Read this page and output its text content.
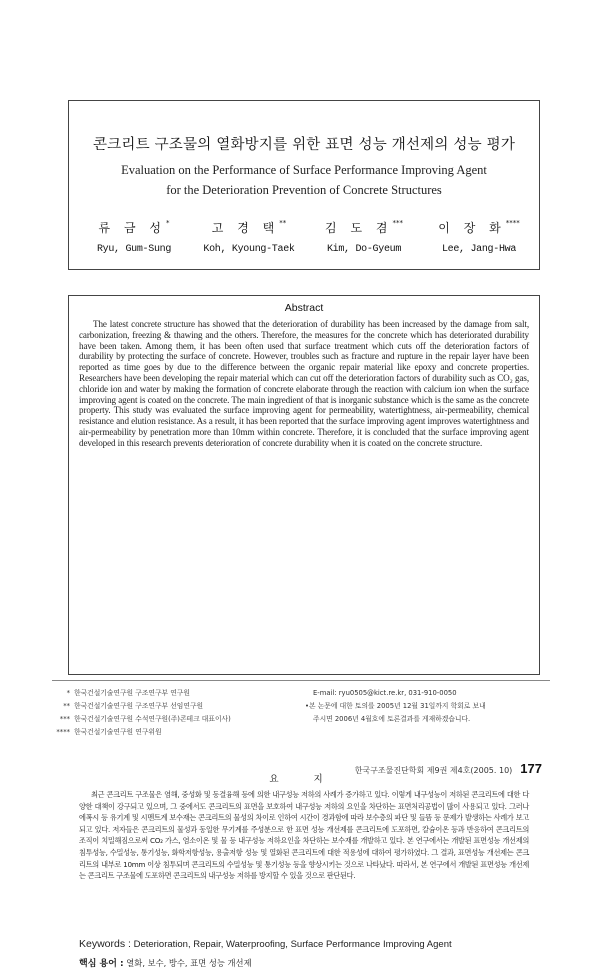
콘크리트 구조물의 열화방지를 위한 표면 성능 개선제의 성능 평가
Evaluation on the Performance of Surface Performance Improving Agent
for the Deterioration Prevention of Concrete Structures
류 금 성*
Ryu, Gum-Sung
고 경 택**
Koh, Kyoung-Taek
김 도 겸***
Kim, Do-Gyeum
이 장 화****
Lee, Jang-Hwa
Abstract
The latest concrete structure has showed that the deterioration of durability has been increased by the damage from salt, carbonization, freezing & thawing and the others. Therefore, the measures for the concrete which has deteriorated durability have been taken. Among them, it has been often used that surface treatment which cuts off the deterioration factors of durability by protecting the surface of concrete. However, troubles such as fracture and rupture in the repair layer have been reported as time goes by due to the difference between the organic repair material like epoxy and concrete properties. Researchers have been developing the repair material which can cut off the deterioration factors of durability such as CO₂ gas, chloride ion and water by making the formation of concrete elaborate through the reaction with calcium ion when the surface improving agent is coated on the concrete. The main ingredient of that is inorganic substance which is the same as the concrete property. This study was evaluated the surface improving agent for permeability, watertightness, air-permeability, chemical resistance and elution resistance. As a result, it has been reported that the surface improving agent improves watertightness and air-permeability by penetration more than 10mm within concrete. Therefore, it is concluded that the surface improving agent developed in this research prevents deterioration of concrete durability when it is coated on the concrete structure.
요 지
최근 콘크리트 구조물은 염해, 중성화 및 동결융해 등에 의한 내구성능 저하의 사례가 증가하고 있다. 이렇게 내구성능이 저하된 콘크리트에 대한 다양한 대책이 강구되고 있으며, 그 중에서도 콘크리트의 표면을 보호하여 내구성능 저하의 요인을 차단하는 표면처리공법이 많이 사용되고 있다. 그러나 에폭시 등 유기계 및 시멘트계 보수재는 콘크리트의 물성의 차이로 인하여 시간이 경과함에 따라 보수층의 파단 및 들뜸 등 문제가 발생하는 사례가 보고되고 있다. 저자들은 콘크리트의 물성과 동일한 무기계를 주성분으로 한 표면 성능 개선제를 콘크리트에 도포하면, 칼슘이온 등과 반응하여 콘크리트의 조직이 치밀해짐으로써 CO₂ 가스, 염소이온 및 물 등 내구성능 저하요인을 차단하는 보수재를 개발하고 있다. 본 연구에서는 개발된 표면성능 개선제의 침투성능, 수밀성능, 통기성능, 화학저항성능, 용출저항 성능 및 열화된 콘크리트에 대한 적용성에 대하여 평가하였다. 그 결과, 표면성능 개선제는 콘크리트의 내부로 10mm 이상 침투되며 콘크리트의 수밀성능 및 통기성능 등을 향상시키는 것으로 나타났다. 따라서, 본 연구에서 개발된 표면성능 개선제는 콘크리트 구조물에 도포하면 콘크리트의 내구성능 저하를 방지할 수 있을 것으로 판단된다.
Keywords : Deterioration, Repair, Waterproofing, Surface Performance Improving Agent
핵심 용어 : 열화, 보수, 방수, 표면 성능 개선제
* 한국건설기술연구원 구조연구부 연구원
** 한국건설기술연구원 구조연구부 선임연구원
*** 한국건설기술연구원 수석연구원(주)콘테크 대표이사)
**** 한국건설기술연구원 연구위원
E-mail: ryu0505@kict.re.kr, 031-910-0050
•본 논문에 대한 토의를 2005년 12월 31일까지 학회로 보내
주시면 2006년 4월호에 토론결과를 게재하겠습니다.
한국구조물진단학회 제9권 제4호(2005. 10) 177
